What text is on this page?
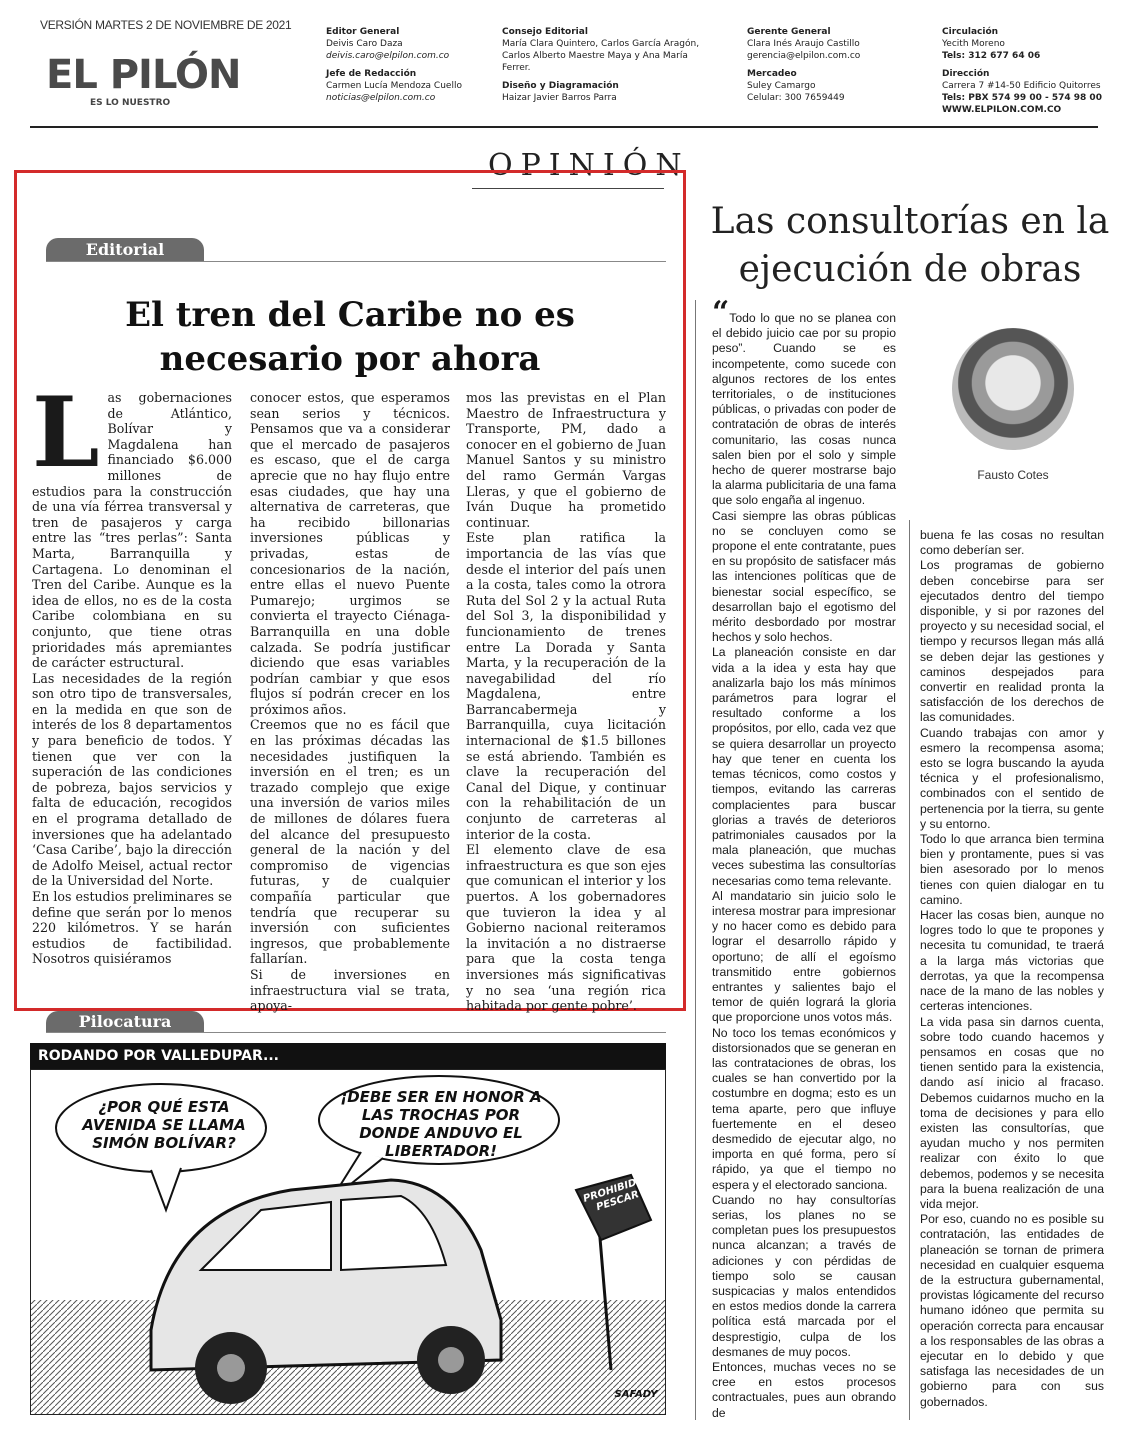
VERSIÓN MARTES 2 DE NOVIEMBRE DE 2021
EL PILÓN
ES LO NUESTRO
Editor General
Deivis Caro Daza
deivis.caro@elpilon.com.co
Jefe de Redacción
Carmen Lucía Mendoza Cuello
noticias@elpilon.com.co
Consejo Editorial
María Clara Quintero, Carlos García Aragón,
Carlos Alberto Maestre Maya y Ana María
Ferrer.
Diseño y Diagramación
Haizar Javier Barros Parra
Gerente General
Clara Inés Araujo Castillo
gerencia@elpilon.com.co
Mercadeo
Suley Camargo
Celular: 300 7659449
Circulación
Yecith Moreno
Tels: 312 677 64 06
Dirección
Carrera 7 #14-50 Edificio Quitorres
Tels: PBX 574 99 00 - 574 98 00
WWW.ELPILON.COM.CO
OPINIÓN
Editorial
El tren del Caribe no es necesario por ahora

Las gobernaciones de Atlántico, Bolívar y Magdalena han financiado $6.000 millones de estudios para la construcción de una vía férrea transversal y tren de pasajeros y carga entre las “tres perlas”: Santa Marta, Barranquilla y Cartagena. Lo denominan el Tren del Caribe. Aunque es la idea de ellos, no es de la costa Caribe colombiana en su conjunto, que tiene otras prioridades más apremiantes de carácter estructural.

Las necesidades de la región son otro tipo de transversales, en la medida en que son de interés de los 8 departamentos y para beneficio de todos. Y tienen que ver con la superación de las condiciones de pobreza, bajos servicios y falta de educación, recogidos en el programa detallado de inversiones que ha adelantado ‘Casa Caribe’, bajo la dirección de Adolfo Meisel, actual rector de la Universidad del Norte.

En los estudios preliminares se define que serán por lo menos 220 kilómetros. Y se harán estudios de factibilidad. Nosotros quisiéramos

conocer estos, que esperamos sean serios y técnicos. Pensamos que va a considerar que el mercado de pasajeros es escaso, que el de carga aprecie que no hay flujo entre esas ciudades, que hay una alternativa de carreteras, que ha recibido billonarias inversiones públicas y privadas, estas de concesionarios de la nación, entre ellas el nuevo Puente Pumarejo; urgimos se convierta el trayecto Ciénaga-Barranquilla en una doble calzada. Se podría justificar diciendo que esas variables podrían cambiar y que esos flujos sí podrán crecer en los próximos años.

Creemos que no es fácil que en las próximas décadas las necesidades justifiquen la inversión en el tren; es un trazado complejo que exige una inversión de varios miles de millones de dólares fuera del alcance del presupuesto general de la nación y del compromiso de vigencias futuras, y de cualquier compañía particular que tendría que recuperar su inversión con suficientes ingresos, que probablemente fallarían.

Si de inversiones en infraestructura vial se trata, apoya-

mos las previstas en el Plan Maestro de Infraestructura y Transporte, PM, dado a conocer en el gobierno de Juan Manuel Santos y su ministro del ramo Germán Vargas Lleras, y que el gobierno de Iván Duque ha prometido continuar.

Este plan ratifica la importancia de las vías que desde el interior del país unen a la costa, tales como la otrora Ruta del Sol 2 y la actual Ruta del Sol 3, la disponibilidad y funcionamiento de trenes entre La Dorada y Santa Marta, y la recuperación de la navegabilidad del río Magdalena, entre Barrancabermeja y Barranquilla, cuya licitación internacional de $1.5 billones se está abriendo. También es clave la recuperación del Canal del Dique, y continuar con la rehabilitación de un conjunto de carreteras al interior de la costa.

El elemento clave de esa infraestructura es que son ejes que comunican el interior y los puertos. A los gobernadores que tuvieron la idea y al Gobierno nacional reiteramos la invitación a no distraerse para que la costa tenga inversiones más significativas y no sea ‘una región rica habitada por gente pobre’.

Pilocatura
RODANDO POR VALLEDUPAR...
¿POR QUÉ ESTA AVENIDA SE LLAMA SIMÓN BOLÍVAR?
¡DEBE SER EN HONOR A LAS TROCHAS POR DONDE ANDUVO EL LIBERTADOR!
PROHIBIDO PESCAR
SAFADY
Las consultorías en la ejecución de obras
Fausto Cotes

“Todo lo que no se planea con el debido juicio cae por su propio peso”. Cuando se es incompetente, como sucede con algunos rectores de los entes territoriales, o de instituciones públicas, o privadas con poder de contratación de obras de interés comunitario, las cosas nunca salen bien por el solo y simple hecho de querer mostrarse bajo la alarma publicitaria de una fama que solo engaña al ingenuo.

Casi siempre las obras públicas no se concluyen como se propone el ente contratante, pues en su propósito de satisfacer más las intenciones políticas que de bienestar social específico, se desarrollan bajo el egotismo del mérito desbordado por mostrar hechos y solo hechos.

La planeación consiste en dar vida a la idea y esta hay que analizarla bajo los más mínimos parámetros para lograr el resultado conforme a los propósitos, por ello, cada vez que se quiera desarrollar un proyecto hay que tener en cuenta los temas técnicos, como costos y tiempos, evitando las carreras complacientes para buscar glorias a través de deterioros patrimoniales causados por la mala planeación, que muchas veces subestima las consultorías necesarias como tema relevante.

Al mandatario sin juicio solo le interesa mostrar para impresionar y no hacer como es debido para lograr el desarrollo rápido y oportuno; de allí el egoísmo transmitido entre gobiernos entrantes y salientes bajo el temor de quién logrará la gloria que proporcione unos votos más.

No toco los temas económicos y distorsionados que se generan en las contrataciones de obras, los cuales se han convertido por la costumbre en dogma; esto es un tema aparte, pero que influye fuertemente en el deseo desmedido de ejecutar algo, no importa en qué forma, pero sí rápido, ya que el tiempo no espera y el electorado sanciona.

Cuando no hay consultorías serias, los planes no se completan pues los presupuestos nunca alcanzan; a través de adiciones y con pérdidas de tiempo solo se causan suspicacias y malos entendidos en estos medios donde la carrera política está marcada por el desprestigio, culpa de los desmanes de muy pocos.

Entonces, muchas veces no se cree en estos procesos contractuales, pues aun obrando de

buena fe las cosas no resultan como deberían ser.

Los programas de gobierno deben concebirse para ser ejecutados dentro del tiempo disponible, y si por razones del proyecto y su necesidad social, el tiempo y recursos llegan más allá se deben dejar las gestiones y caminos despejados para convertir en realidad pronta la satisfacción de los derechos de las comunidades.

Cuando trabajas con amor y esmero la recompensa asoma; esto se logra buscando la ayuda técnica y el profesionalismo, combinados con el sentido de pertenencia por la tierra, su gente y su entorno.

Todo lo que arranca bien termina bien y prontamente, pues si vas bien asesorado por lo menos tienes con quien dialogar en tu camino.

Hacer las cosas bien, aunque no logres todo lo que te propones y necesita tu comunidad, te traerá a la larga más victorias que derrotas, ya que la recompensa nace de la mano de las nobles y certeras intenciones.

La vida pasa sin darnos cuenta, sobre todo cuando hacemos y pensamos en cosas que no tienen sentido para la existencia, dando así inicio al fracaso. Debemos cuidarnos mucho en la toma de decisiones y para ello existen las consultorías, que ayudan mucho y nos permiten realizar con éxito lo que debemos, podemos y se necesita para la buena realización de una vida mejor.

Por eso, cuando no es posible su contratación, las entidades de planeación se tornan de primera necesidad en cualquier esquema de la estructura gubernamental, provistas lógicamente del recurso humano idóneo que permita su operación correcta para encausar a los responsables de las obras a ejecutar en lo debido y que satisfaga las necesidades de un gobierno para con sus gobernados.
